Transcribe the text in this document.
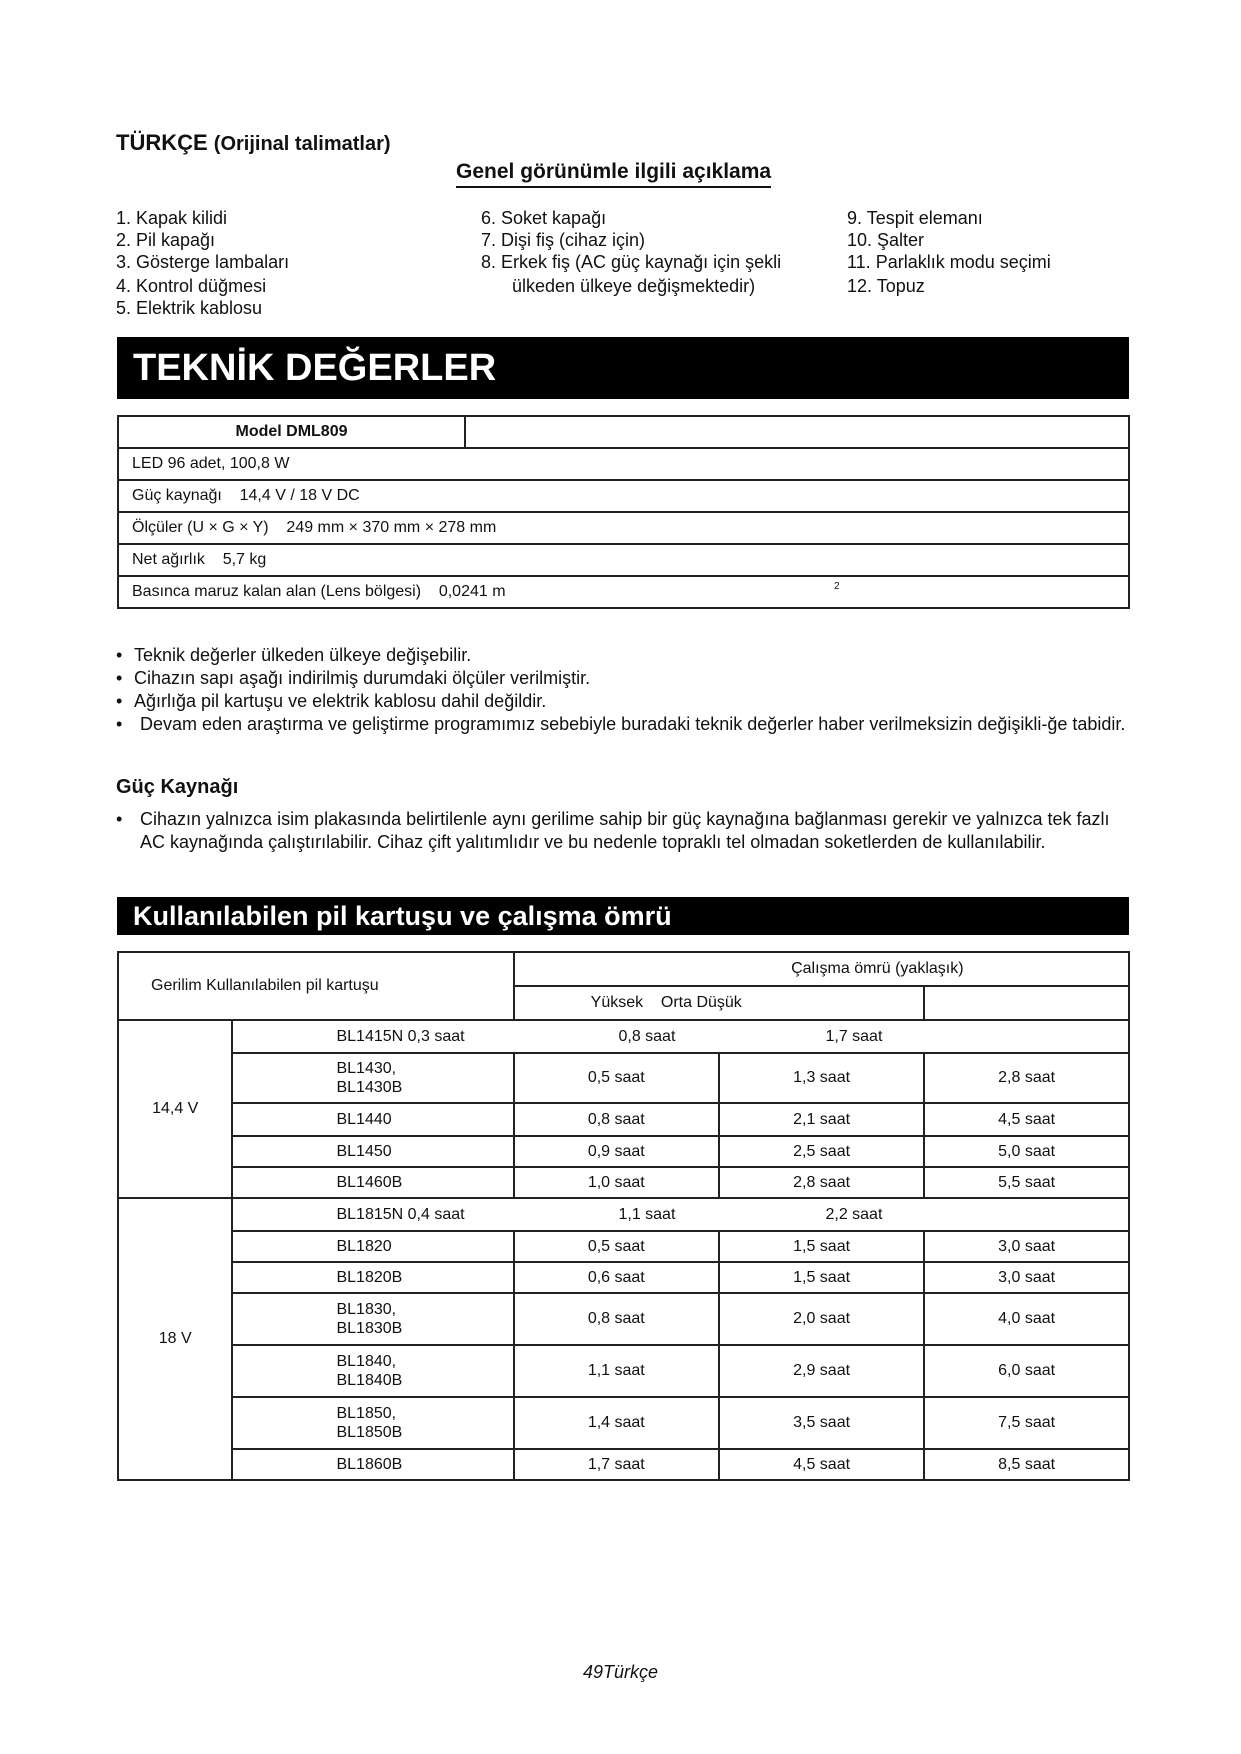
TÜRKÇE (Orijinal talimatlar)
Genel görünümle ilgili açıklama
1. Kapak kilidi
2. Pil kapağı
3. Gösterge lambaları
4. Kontrol düğmesi
5. Elektrik kablosu
6. Soket kapağı
7. Dişi fiş (cihaz için)
8. Erkek fiş (AC güç kaynağı için şekli
ülkeden ülkeye değişmektedir)
9. Tespit elemanı
10. Şalter
11. Parlaklık modu seçimi
12. Topuz
TEKNİK DEĞERLER
Model DML809	
LED 96 adet, 100,8 W
Güç kaynağı    14,4 V / 18 V DC
Ölçüler (U × G × Y)    249 mm × 370 mm × 278 mm
Net ağırlık    5,7 kg
Basınca maruz kalan alan (Lens bölgesi)    0,0241 m	2
• Teknik değerler ülkeden ülkeye değişebilir.
• Cihazın sapı aşağı indirilmiş durumdaki ölçüler verilmiştir.
• Ağırlığa pil kartuşu ve elektrik kablosu dahil değildir.
• Devam eden araştırma ve geliştirme programımız sebebiyle buradaki teknik değerler haber verilmeksizin değişikli-ğe tabidir.
Güç Kaynağı
• Cihazın yalnızca isim plakasında belirtilenle aynı gerilime sahip bir güç kaynağına bağlanması gerekir ve yalnızca tek fazlı AC kaynağında çalıştırılabilir. Cihaz çift yalıtımlıdır ve bu nedenle topraklı tel olmadan soketlerden de kullanılabilir.
Kullanılabilen pil kartuşu ve çalışma ömrü
Gerilim Kullanılabilen pil kartuşu		Çalışma ömrü (yaklaşık)		
		Yüksek    Orta Düşük		
14,4 V	BL1415N 0,3 saat 0,8 saat 1,7 saat			

	BL1430,
BL1430B	0,5 saat	1,3 saat	2,8 saat
	BL1440	0,8 saat	2,1 saat	4,5 saat
	BL1450	0,9 saat	2,5 saat	5,0 saat
	BL1460B	1,0 saat	2,8 saat	5,5 saat
18 V	BL1815N 0,4 saat 1,1 saat 2,2 saat			

	BL1820	0,5 saat	1,5 saat	3,0 saat
	BL1820B	0,6 saat	1,5 saat	3,0 saat
	BL1830,
BL1830B	0,8 saat	2,0 saat	4,0 saat
	BL1840,
BL1840B	1,1 saat	2,9 saat	6,0 saat
	BL1850,
BL1850B	1,4 saat	3,5 saat	7,5 saat
	BL1860B	1,7 saat	4,5 saat	8,5 saat
49Türkçe
